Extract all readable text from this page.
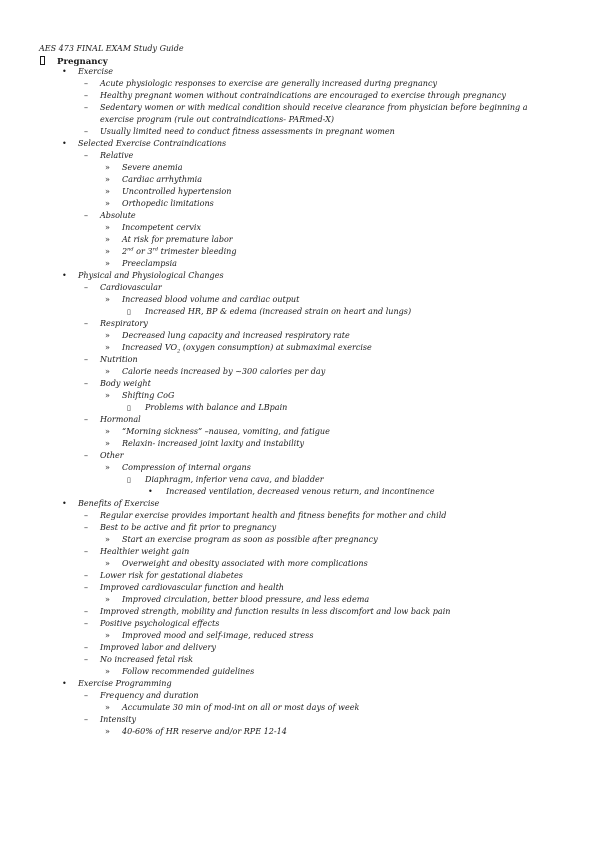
AES 473 FINAL EXAM Study Guide
Pregnancy
• Exercise
– Acute physiologic responses to exercise are generally increased during pregnancy
– Healthy pregnant women without contraindications are encouraged to exercise through pregnancy
– Sedentary women or with medical condition should receive clearance from physician before beginning a exercise program (rule out contraindications- PARmed-X)
– Usually limited need to conduct fitness assessments in pregnant women
• Selected Exercise Contraindications
– Relative
» Severe anemia
» Cardiac arrhythmia
» Uncontrolled hypertension
» Orthopedic limitations
– Absolute
» Incompetent cervix
» At risk for premature labor
» 2nd or 3rd trimester bleeding
» Preeclampsia
• Physical and Physiological Changes
– Cardiovascular
» Increased blood volume and cardiac output
▯ Increased HR, BP & edema (increased strain on heart and lungs)
– Respiratory
» Decreased lung capacity and increased respiratory rate
» Increased $VO_2$ (oxygen consumption) at submaximal exercise
– Nutrition
» Calorie needs increased by ~300 calories per day
– Body weight
» Shifting CoG
▯ Problems with balance and LBpain
– Hormonal
» “Morning sickness” –nausea, vomiting, and fatigue
» Relaxin- increased joint laxity and instability
– Other
» Compression of internal organs
▯ Diaphragm, inferior vena cava, and bladder
• Increased ventilation, decreased venous return, and incontinence
• Benefits of Exercise
– Regular exercise provides important health and fitness benefits for mother and child
– Best to be active and fit prior to pregnancy
» Start an exercise program as soon as possible after pregnancy
– Healthier weight gain
» Overweight and obesity associated with more complications
– Lower risk for gestational diabetes
– Improved cardiovascular function and health
» Improved circulation, better blood pressure, and less edema
– Improved strength, mobility and function results in less discomfort and low back pain
– Positive psychological effects
» Improved mood and self-image, reduced stress
– Improved labor and delivery
– No increased fetal risk
» Follow recommended guidelines
• Exercise Programming
– Frequency and duration
» Accumulate 30 min of mod-int on all or most days of week
– Intensity
» 40-60% of HR reserve and/or RPE 12-14
